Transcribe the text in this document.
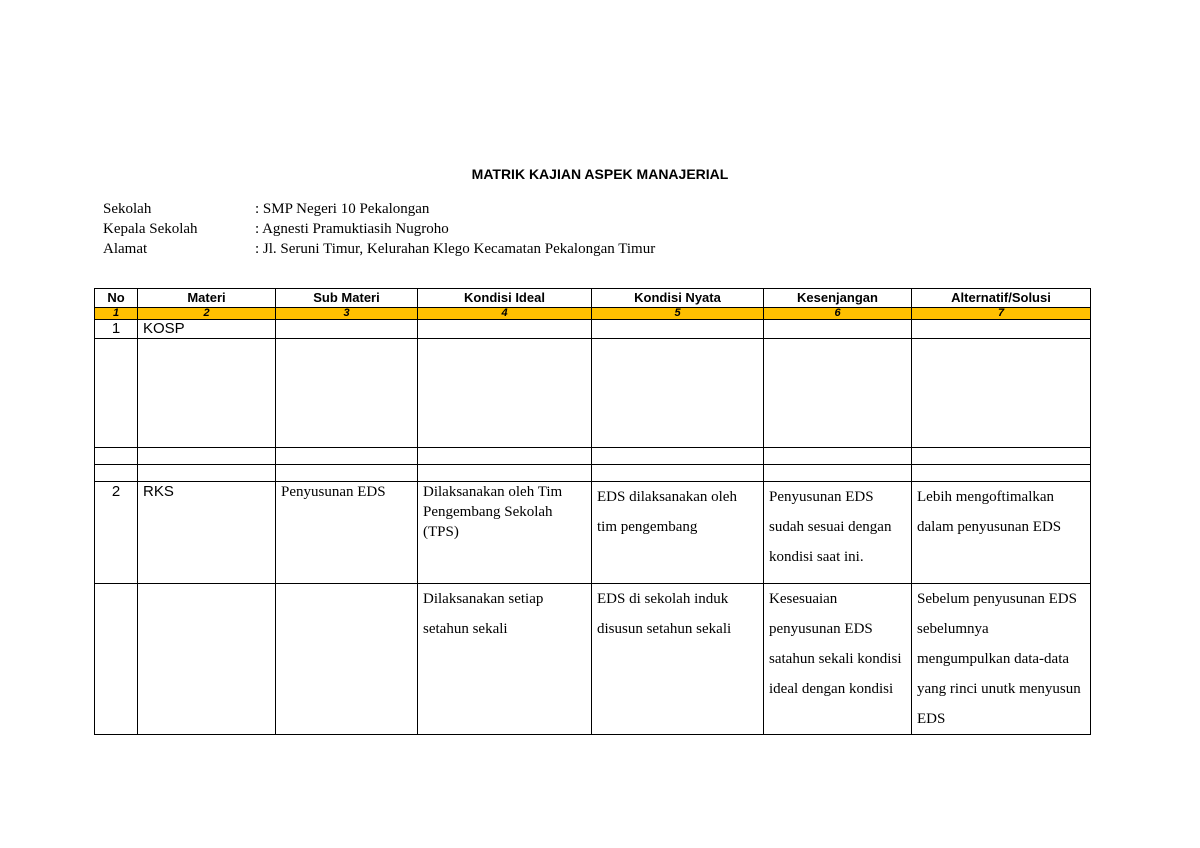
MATRIK KAJIAN ASPEK MANAJERIAL
Sekolah	: SMP Negeri 10 Pekalongan
Kepala Sekolah	: Agnesti Pramuktiasih Nugroho
Alamat	: Jl. Seruni Timur, Kelurahan Klego Kecamatan Pekalongan Timur
No	Materi	Sub Materi	Kondisi Ideal	Kondisi Nyata	Kesenjangan	Alternatif/Solusi
1	2	3	4	5	6	7
1	KOSP					

2	RKS	Penyusunan EDS	Dilaksanakan oleh Tim Pengembang Sekolah (TPS)	EDS dilaksanakan oleh tim pengembang	Penyusunan EDS sudah sesuai dengan kondisi saat ini.	Lebih mengoftimalkan dalam penyusunan EDS
			Dilaksanakan setiap setahun sekali	EDS di sekolah induk disusun setahun sekali	Kesesuaian penyusunan EDS satahun sekali kondisi ideal dengan kondisi	Sebelum penyusunan EDS sebelumnya mengumpulkan data-data yang rinci unutk menyusun EDS
